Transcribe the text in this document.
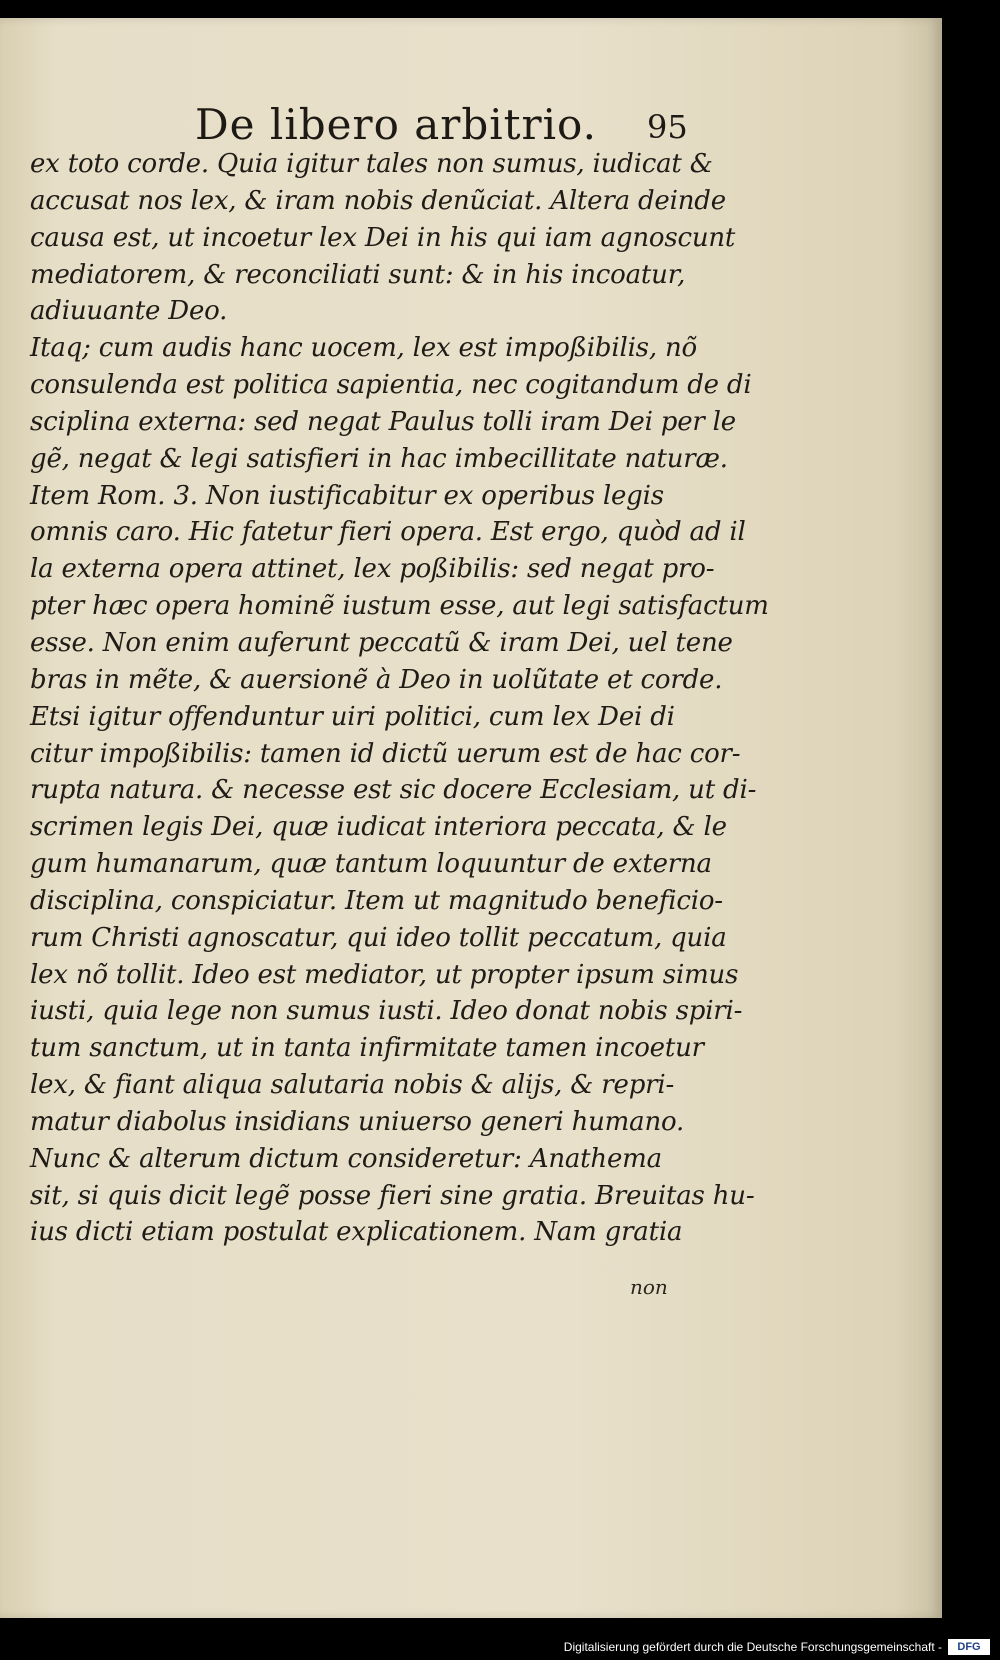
De libero arbitrio. 95
ex toto corde. Quia igitur tales non sumus, iudicat &
accusat nos lex, & iram nobis denũciat. Altera deinde
causa est, ut incoetur lex Dei in his qui iam agnoscunt
mediatorem, & reconciliati sunt: & in his incoatur,
adiuuante Deo.
Itaq; cum audis hanc uocem, lex est impoßibilis, nõ
consulenda est politica sapientia, nec cogitandum de di
sciplina externa: sed negat Paulus tolli iram Dei per le
gẽ, negat & legi satisfieri in hac imbecillitate naturæ.
Item Rom. 3. Non iustificabitur ex operibus legis
omnis caro. Hic fatetur fieri opera. Est ergo, quòd ad il
la externa opera attinet, lex poßibilis: sed negat pro-
pter hæc opera hominẽ iustum esse, aut legi satisfactum
esse. Non enim auferunt peccatũ & iram Dei, uel tene
bras in mẽte, & auersionẽ à Deo in uolũtate et corde.
Etsi igitur offenduntur uiri politici, cum lex Dei di
citur impoßibilis: tamen id dictũ uerum est de hac cor-
rupta natura. & necesse est sic docere Ecclesiam, ut di-
scrimen legis Dei, quæ iudicat interiora peccata, & le
gum humanarum, quæ tantum loquuntur de externa
disciplina, conspiciatur. Item ut magnitudo beneficio-
rum Christi agnoscatur, qui ideo tollit peccatum, quia
lex nõ tollit. Ideo est mediator, ut propter ipsum simus
iusti, quia lege non sumus iusti. Ideo donat nobis spiri-
tum sanctum, ut in tanta infirmitate tamen incoetur
lex, & fiant aliqua salutaria nobis & alijs, & repri-
matur diabolus insidians uniuerso generi humano.
Nunc & alterum dictum consideretur: Anathema
sit, si quis dicit legẽ posse fieri sine gratia. Breuitas hu-
ius dicti etiam postulat explicationem. Nam gratia
non
Digitalisierung gefördert durch die Deutsche Forschungsgemeinschaft -	DFG
